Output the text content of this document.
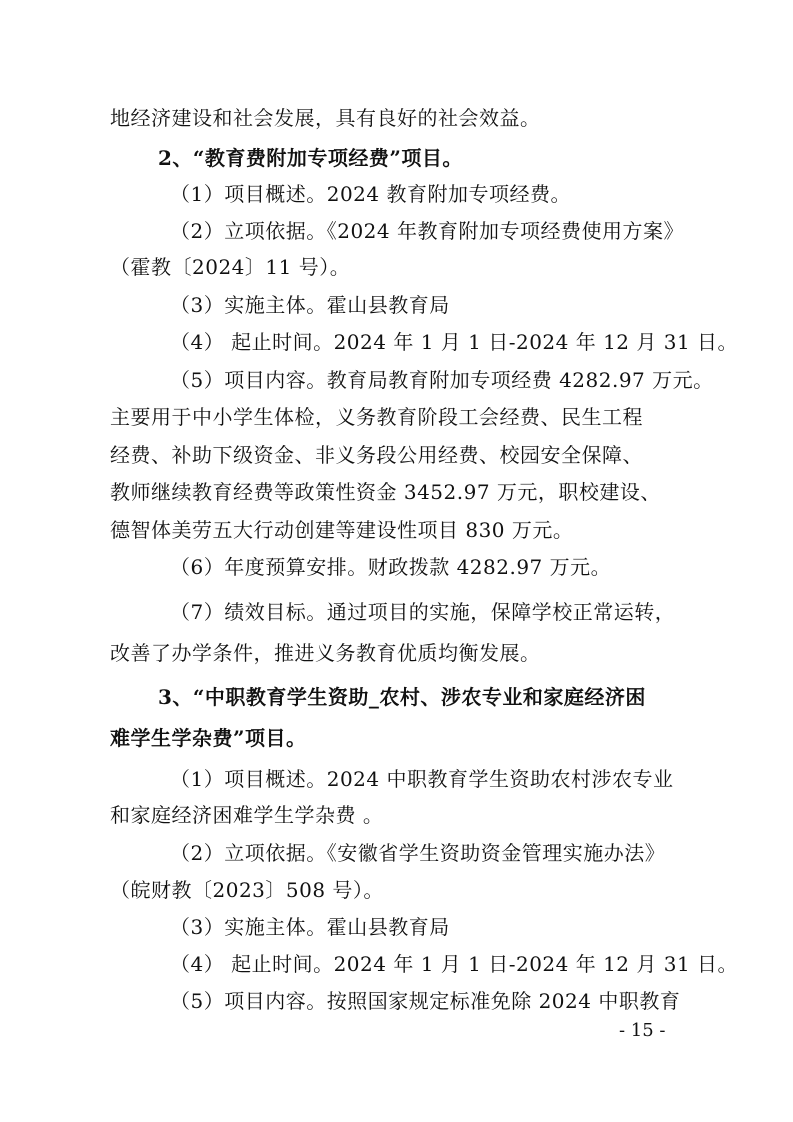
地经济建设和社会发展，具有良好的社会效益。

2、“教育费附加专项经费”项目。

（1）项目概述。2024 教育附加专项经费。

（2）立项依据。《2024 年教育附加专项经费使用方案》

（霍教〔2024〕11 号）。

（3）实施主体。霍山县教育局

（4） 起止时间。2024 年 1 月 1 日-2024 年 12 月 31 日。

（5）项目内容。教育局教育附加专项经费 4282.97 万元。

主要用于中小学生体检，义务教育阶段工会经费、民生工程

经费、补助下级资金、非义务段公用经费、校园安全保障、

教师继续教育经费等政策性资金 3452.97 万元，职校建设、

德智体美劳五大行动创建等建设性项目 830 万元。

（6）年度预算安排。财政拨款 4282.97 万元。

（7）绩效目标。通过项目的实施，保障学校正常运转，

改善了办学条件，推进义务教育优质均衡发展。

3、“中职教育学生资助_农村、涉农专业和家庭经济困

难学生学杂费”项目。

（1）项目概述。2024 中职教育学生资助农村涉农专业

和家庭经济困难学生学杂费 。

（2）立项依据。《安徽省学生资助资金管理实施办法》

（皖财教〔2023〕508 号）。

（3）实施主体。霍山县教育局

（4） 起止时间。2024 年 1 月 1 日-2024 年 12 月 31 日。

（5）项目内容。按照国家规定标准免除 2024 中职教育

- 15 -
